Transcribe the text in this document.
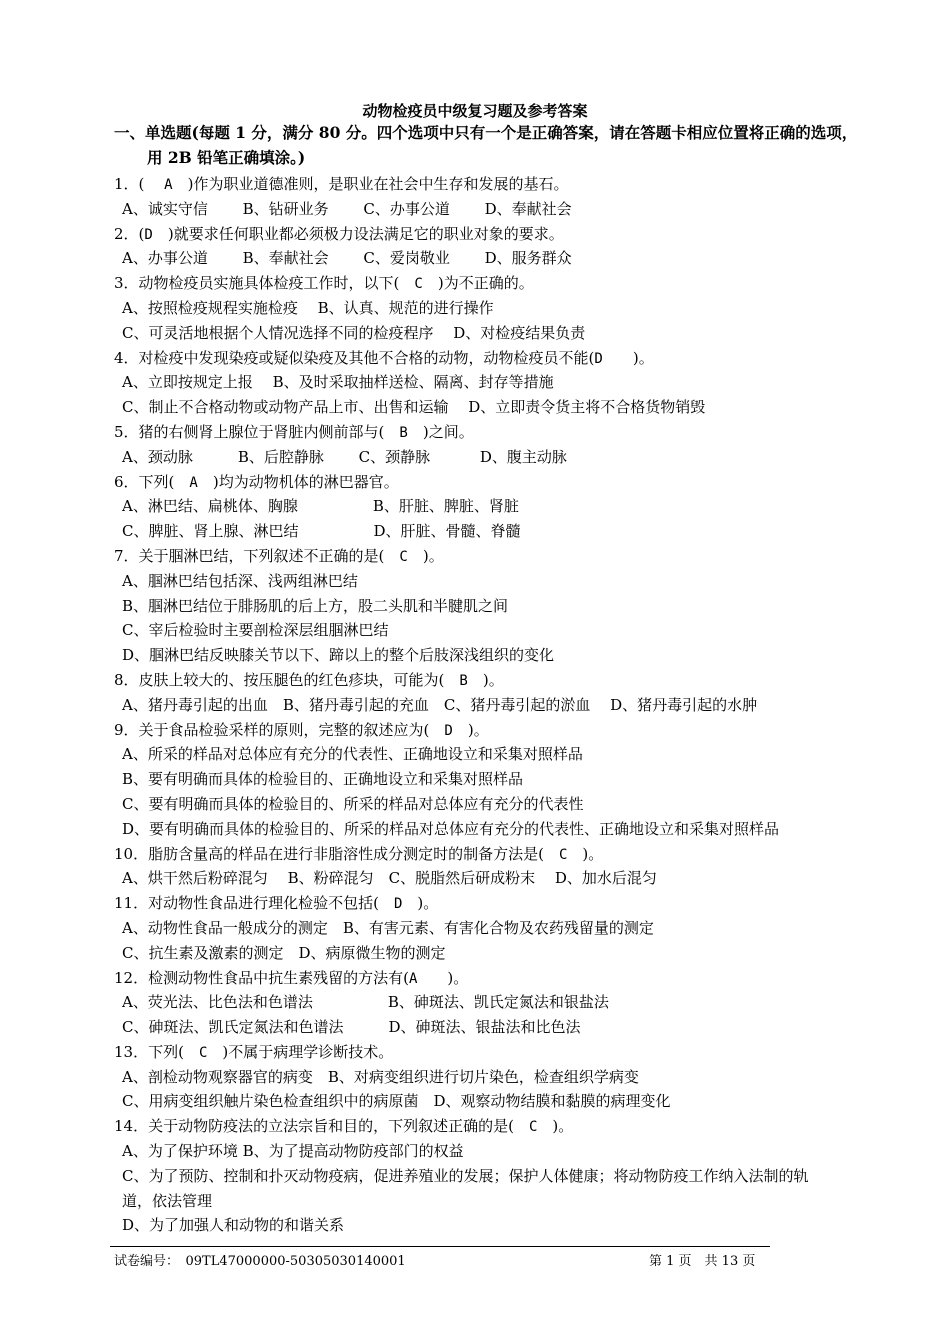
动物检疫员中级复习题及参考答案
一、单选题(每题 1 分，满分 80 分。四个选项中只有一个是正确答案，请在答题卡相应位置将正确的选项，
用 2B 铅笔正确填涂。)
1．(　 A　)作为职业道德准则，是职业在社会中生存和发展的基石。
A、诚实守信　　 B、钻研业务　　 C、办事公道　　 D、奉献社会
2．(D　)就要求任何职业都必须极力设法满足它的职业对象的要求。
A、办事公道　　 B、奉献社会　　 C、爱岗敬业　　 D、服务群众
3．动物检疫员实施具体检疫工作时，以下(　C　)为不正确的。
A、按照检疫规程实施检疫　 B、认真、规范的进行操作
C、可灵活地根据个人情况选择不同的检疫程序　 D、对检疫结果负责
4．对检疫中发现染疫或疑似染疫及其他不合格的动物，动物检疫员不能(D　　)。
A、立即按规定上报　 B、及时采取抽样送检、隔离、封存等措施
C、制止不合格动物或动物产品上市、出售和运输　 D、立即责令货主将不合格货物销毁
5．猪的右侧肾上腺位于肾脏内侧前部与(　B　)之间。
A、颈动脉　　　B、后腔静脉　　 C、颈静脉　　　 D、腹主动脉
6．下列(　A　)均为动物机体的淋巴器官。
A、淋巴结、扁桃体、胸腺　　　　　B、肝脏、脾脏、肾脏
C、脾脏、肾上腺、淋巴结　　　　　D、肝脏、骨髓、脊髓
7．关于腘淋巴结，下列叙述不正确的是(　C　)。
A、腘淋巴结包括深、浅两组淋巴结
B、腘淋巴结位于腓肠肌的后上方，股二头肌和半腱肌之间
C、宰后检验时主要剖检深层组腘淋巴结
D、腘淋巴结反映膝关节以下、蹄以上的整个后肢深浅组织的变化
8．皮肤上较大的、按压腿色的红色疹块，可能为(　B　)。
A、猪丹毒引起的出血　B、猪丹毒引起的充血　C、猪丹毒引起的淤血　 D、猪丹毒引起的水肿
9．关于食品检验采样的原则，完整的叙述应为(　D　)。
A、所采的样品对总体应有充分的代表性、正确地设立和采集对照样品
B、要有明确而具体的检验目的、正确地设立和采集对照样品
C、要有明确而具体的检验目的、所采的样品对总体应有充分的代表性
D、要有明确而具体的检验目的、所采的样品对总体应有充分的代表性、正确地设立和采集对照样品
10．脂肪含量高的样品在进行非脂溶性成分测定时的制备方法是(　C　)。
A、烘干然后粉碎混匀　 B、粉碎混匀　C、脱脂然后研成粉末　 D、加水后混匀
11．对动物性食品进行理化检验不包括(　D　)。
A、动物性食品一般成分的测定　B、有害元素、有害化合物及农药残留量的测定
C、抗生素及激素的测定　D、病原微生物的测定
12．检测动物性食品中抗生素残留的方法有(A　　)。
A、荧光法、比色法和色谱法　　　　　B、砷斑法、凯氏定氮法和银盐法
C、砷斑法、凯氏定氮法和色谱法　　　D、砷斑法、银盐法和比色法
13．下列(　C　)不属于病理学诊断技术。
A、剖检动物观察器官的病变　B、对病变组织进行切片染色，检查组织学病变
C、用病变组织触片染色检查组织中的病原菌　D、观察动物结膜和黏膜的病理变化
14．关于动物防疫法的立法宗旨和目的，下列叙述正确的是(　C　)。
A、为了保护环境 B、为了提高动物防疫部门的权益
C、为了预防、控制和扑灭动物疫病，促进养殖业的发展；保护人体健康；将动物防疫工作纳入法制的轨
道，依法管理
D、为了加强人和动物的和谐关系
试卷编号：　09TL47000000-50305030140001	第 1 页　共 13 页
